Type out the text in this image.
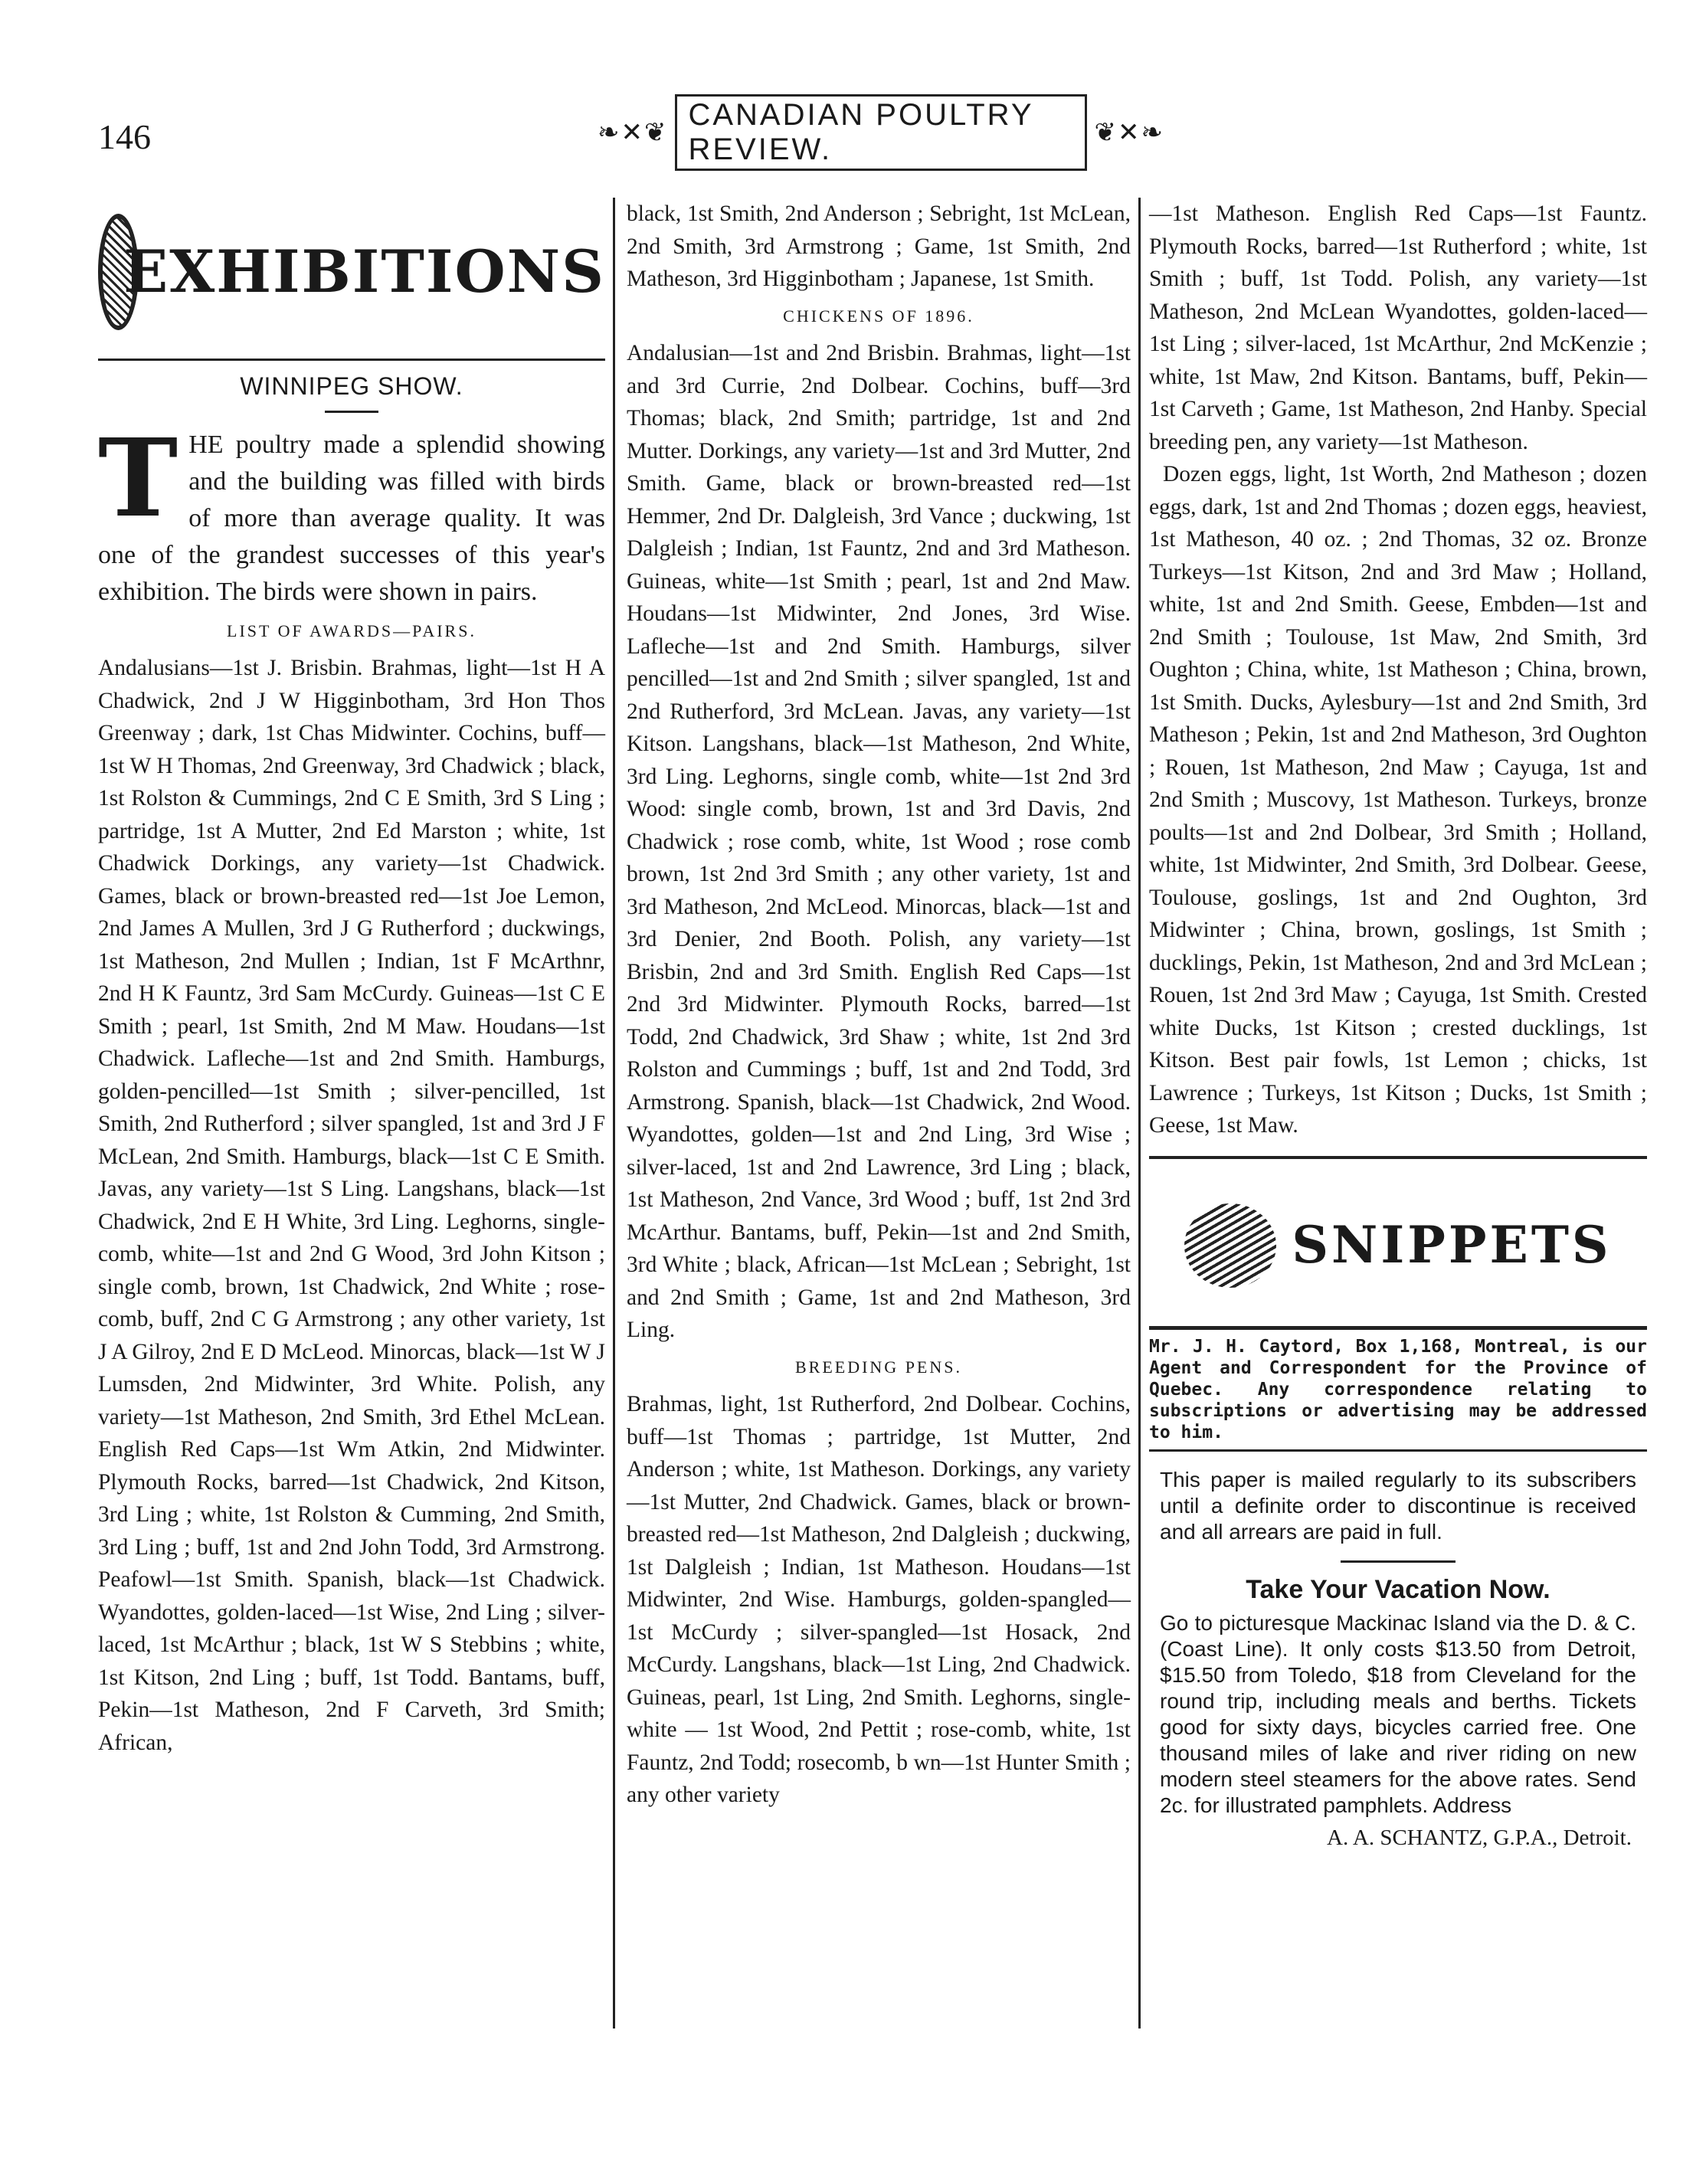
146	❧✕❦
CANADIAN POULTRY REVIEW.	❦✕❧
EXHIBITIONS
WINNIPEG SHOW.

THE poultry made a splendid showing and the building was filled with birds of more than average quality. It was one of the grandest successes of this year's exhibition. The birds were shown in pairs.

LIST OF AWARDS—PAIRS.

Andalusians—1st J. Brisbin. Brahmas, light—1st H A Chadwick, 2nd J W Higginbotham, 3rd Hon Thos Greenway ; dark, 1st Chas Midwinter. Cochins, buff—1st W H Thomas, 2nd Greenway, 3rd Chadwick ; black, 1st Rolston & Cummings, 2nd C E Smith, 3rd S Ling ; partridge, 1st A Mutter, 2nd Ed Marston ; white, 1st Chadwick Dorkings, any variety—1st Chadwick. Games, black or brown-breasted red—1st Joe Lemon, 2nd James A Mullen, 3rd J G Rutherford ; duckwings, 1st Matheson, 2nd Mullen ; Indian, 1st F McArthnr, 2nd H K Fauntz, 3rd Sam McCurdy. Guineas—1st C E Smith ; pearl, 1st Smith, 2nd M Maw. Houdans—1st Chadwick. Lafleche—1st and 2nd Smith. Hamburgs, golden-pencilled—1st Smith ; silver-pencilled, 1st Smith, 2nd Rutherford ; silver spangled, 1st and 3rd J F McLean, 2nd Smith. Hamburgs, black—1st C E Smith. Javas, any variety—1st S Ling. Langshans, black—1st Chadwick, 2nd E H White, 3rd Ling. Leghorns, single-comb, white—1st and 2nd G Wood, 3rd John Kitson ; single comb, brown, 1st Chadwick, 2nd White ; rose-comb, buff, 2nd C G Armstrong ; any other variety, 1st J A Gilroy, 2nd E D McLeod. Minorcas, black—1st W J Lumsden, 2nd Midwinter, 3rd White. Polish, any variety—1st Matheson, 2nd Smith, 3rd Ethel McLean. English Red Caps—1st Wm Atkin, 2nd Midwinter. Plymouth Rocks, barred—1st Chadwick, 2nd Kitson, 3rd Ling ; white, 1st Rolston & Cumming, 2nd Smith, 3rd Ling ; buff, 1st and 2nd John Todd, 3rd Armstrong. Peafowl—1st Smith. Spanish, black—1st Chadwick. Wyandottes, golden-laced—1st Wise, 2nd Ling ; silver-laced, 1st McArthur ; black, 1st W S Stebbins ; white, 1st Kitson, 2nd Ling ; buff, 1st Todd. Bantams, buff, Pekin—1st Matheson, 2nd F Carveth, 3rd Smith; African,

black, 1st Smith, 2nd Anderson ; Sebright, 1st McLean, 2nd Smith, 3rd Armstrong ; Game, 1st Smith, 2nd Matheson, 3rd Higginbotham ; Japanese, 1st Smith.

CHICKENS OF 1896.

Andalusian—1st and 2nd Brisbin. Brahmas, light—1st and 3rd Currie, 2nd Dolbear. Cochins, buff—3rd Thomas; black, 2nd Smith; partridge, 1st and 2nd Mutter. Dorkings, any variety—1st and 3rd Mutter, 2nd Smith. Game, black or brown-breasted red—1st Hemmer, 2nd Dr. Dalgleish, 3rd Vance ; duckwing, 1st Dalgleish ; Indian, 1st Fauntz, 2nd and 3rd Matheson. Guineas, white—1st Smith ; pearl, 1st and 2nd Maw. Houdans—1st Midwinter, 2nd Jones, 3rd Wise. Lafleche—1st and 2nd Smith. Hamburgs, silver pencilled—1st and 2nd Smith ; silver spangled, 1st and 2nd Rutherford, 3rd McLean. Javas, any variety—1st Kitson. Langshans, black—1st Matheson, 2nd White, 3rd Ling. Leghorns, single comb, white—1st 2nd 3rd Wood: single comb, brown, 1st and 3rd Davis, 2nd Chadwick ; rose comb, white, 1st Wood ; rose comb brown, 1st 2nd 3rd Smith ; any other variety, 1st and 3rd Matheson, 2nd McLeod. Minorcas, black—1st and 3rd Denier, 2nd Booth. Polish, any variety—1st Brisbin, 2nd and 3rd Smith. English Red Caps—1st 2nd 3rd Midwinter. Plymouth Rocks, barred—1st Todd, 2nd Chadwick, 3rd Shaw ; white, 1st 2nd 3rd Rolston and Cummings ; buff, 1st and 2nd Todd, 3rd Armstrong. Spanish, black—1st Chadwick, 2nd Wood. Wyandottes, golden—1st and 2nd Ling, 3rd Wise ; silver-laced, 1st and 2nd Lawrence, 3rd Ling ; black, 1st Matheson, 2nd Vance, 3rd Wood ; buff, 1st 2nd 3rd McArthur. Bantams, buff, Pekin—1st and 2nd Smith, 3rd White ; black, African—1st McLean ; Sebright, 1st and 2nd Smith ; Game, 1st and 2nd Matheson, 3rd Ling.

BREEDING PENS.

Brahmas, light, 1st Rutherford, 2nd Dolbear. Cochins, buff—1st Thomas ; partridge, 1st Mutter, 2nd Anderson ; white, 1st Matheson. Dorkings, any variety—1st Mutter, 2nd Chadwick. Games, black or brown-breasted red—1st Matheson, 2nd Dalgleish ; duckwing, 1st Dalgleish ; Indian, 1st Matheson. Houdans—1st Midwinter, 2nd Wise. Hamburgs, golden-spangled—1st McCurdy ; silver-spangled—1st Hosack, 2nd McCurdy. Langshans, black—1st Ling, 2nd Chadwick. Guineas, pearl, 1st Ling, 2nd Smith. Leghorns, single-white — 1st Wood, 2nd Pettit ; rose-comb, white, 1st Fauntz, 2nd Todd; rosecomb, b wn—1st Hunter Smith ; any other variety

—1st Matheson. English Red Caps—1st Fauntz. Plymouth Rocks, barred—1st Rutherford ; white, 1st Smith ; buff, 1st Todd. Polish, any variety—1st Matheson, 2nd McLean Wyandottes, golden-laced—1st Ling ; silver-laced, 1st McArthur, 2nd McKenzie ; white, 1st Maw, 2nd Kitson. Bantams, buff, Pekin—1st Carveth ; Game, 1st Matheson, 2nd Hanby. Special breeding pen, any variety—1st Matheson.

Dozen eggs, light, 1st Worth, 2nd Matheson ; dozen eggs, dark, 1st and 2nd Thomas ; dozen eggs, heaviest, 1st Matheson, 40 oz. ; 2nd Thomas, 32 oz. Bronze Turkeys—1st Kitson, 2nd and 3rd Maw ; Holland, white, 1st and 2nd Smith. Geese, Embden—1st and 2nd Smith ; Toulouse, 1st Maw, 2nd Smith, 3rd Oughton ; China, white, 1st Matheson ; China, brown, 1st Smith. Ducks, Aylesbury—1st and 2nd Smith, 3rd Matheson ; Pekin, 1st and 2nd Matheson, 3rd Oughton ; Rouen, 1st Matheson, 2nd Maw ; Cayuga, 1st and 2nd Smith ; Muscovy, 1st Matheson. Turkeys, bronze poults—1st and 2nd Dolbear, 3rd Smith ; Holland, white, 1st Midwinter, 2nd Smith, 3rd Dolbear. Geese, Toulouse, goslings, 1st and 2nd Oughton, 3rd Midwinter ; China, brown, goslings, 1st Smith ; ducklings, Pekin, 1st Matheson, 2nd and 3rd McLean ; Rouen, 1st 2nd 3rd Maw ; Cayuga, 1st Smith. Crested white Ducks, 1st Kitson ; crested ducklings, 1st Kitson. Best pair fowls, 1st Lemon ; chicks, 1st Lawrence ; Turkeys, 1st Kitson ; Ducks, 1st Smith ; Geese, 1st Maw.

SNIPPETS
Mr. J. H. Caytord, Box 1,168, Montreal, is our Agent and Correspondent for the Province of Quebec. Any correspondence relating to subscriptions or advertising may be addressed to him.
This paper is mailed regularly to its subscribers until a definite order to discontinue is received and all arrears are paid in full.
Take Your Vacation Now.
Go to picturesque Mackinac Island via the D. & C. (Coast Line). It only costs $13.50 from Detroit, $15.50 from Toledo, $18 from Cleveland for the round trip, including meals and berths. Tickets good for sixty days, bicycles carried free. One thousand miles of lake and river riding on new modern steel steamers for the above rates. Send 2c. for illustrated pamphlets. Address
A. A. SCHANTZ, G.P.A., Detroit.
